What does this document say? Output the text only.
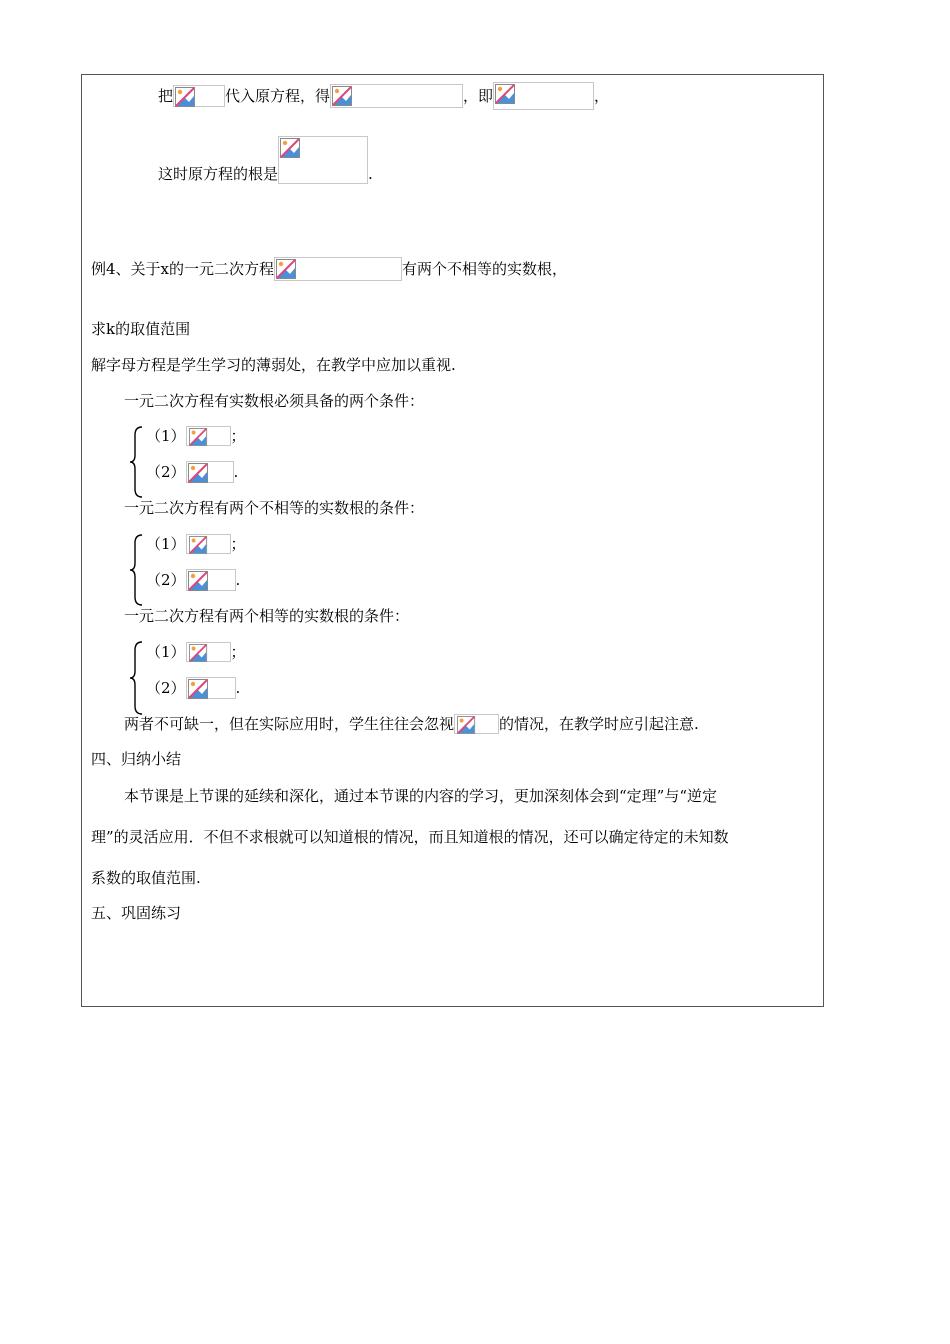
把	代入原方程，得	，即	，
这时原方程的根是	.
例4、关于x的一元二次方程	有两个不相等的实数根，
求k的取值范围
解字母方程是学生学习的薄弱处，在教学中应加以重视.
一元二次方程有实数根必须具备的两个条件：
（1）	；
（2）	.
一元二次方程有两个不相等的实数根的条件：
（1）	；
（2）	.
一元二次方程有两个相等的实数根的条件：
（1）	；
（2）	.
两者不可缺一，但在实际应用时，学生往往会忽视	的情况，在教学时应引起注意.
四、归纳小结
本节课是上节课的延续和深化，通过本节课的内容的学习，更加深刻体会到“定理”与“逆定
理”的灵活应用．不但不求根就可以知道根的情况，而且知道根的情况，还可以确定待定的未知数
系数的取值范围.
五、巩固练习
